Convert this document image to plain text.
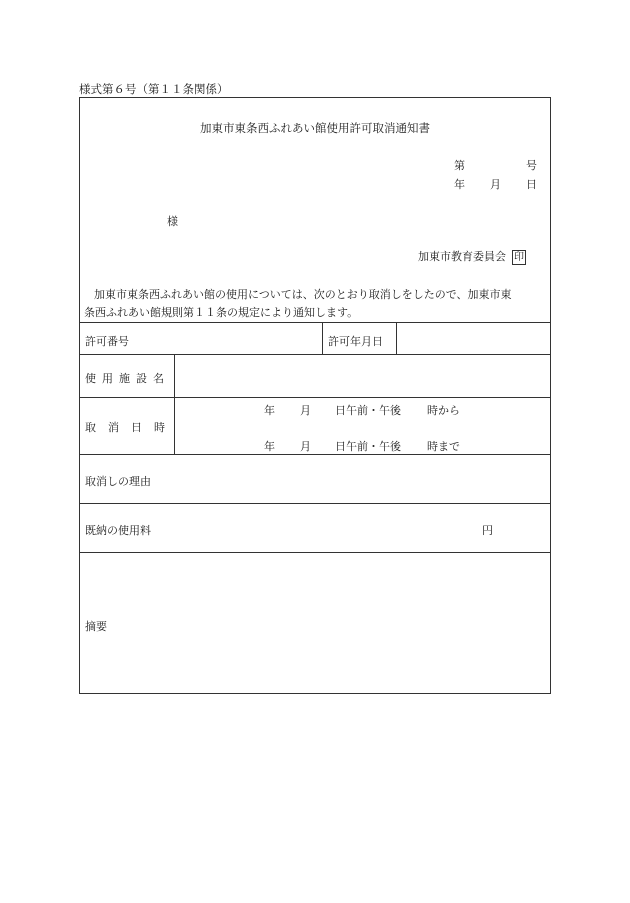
様式第６号（第１１条関係）
加東市東条西ふれあい館使用許可取消通知書
第	号
年 月 日
様
加東市教育委員会 印
加東市東条西ふれあい館の使用については、次のとおり取消しをしたので、加東市東
条西ふれあい館規則第１１条の規定により通知します。
許可番号	許可年月日
使用施設名
取消日時
年 月 日午前・午後 時から
年 月 日午前・午後 時まで
取消しの理由
既納の使用料	円
摘要
